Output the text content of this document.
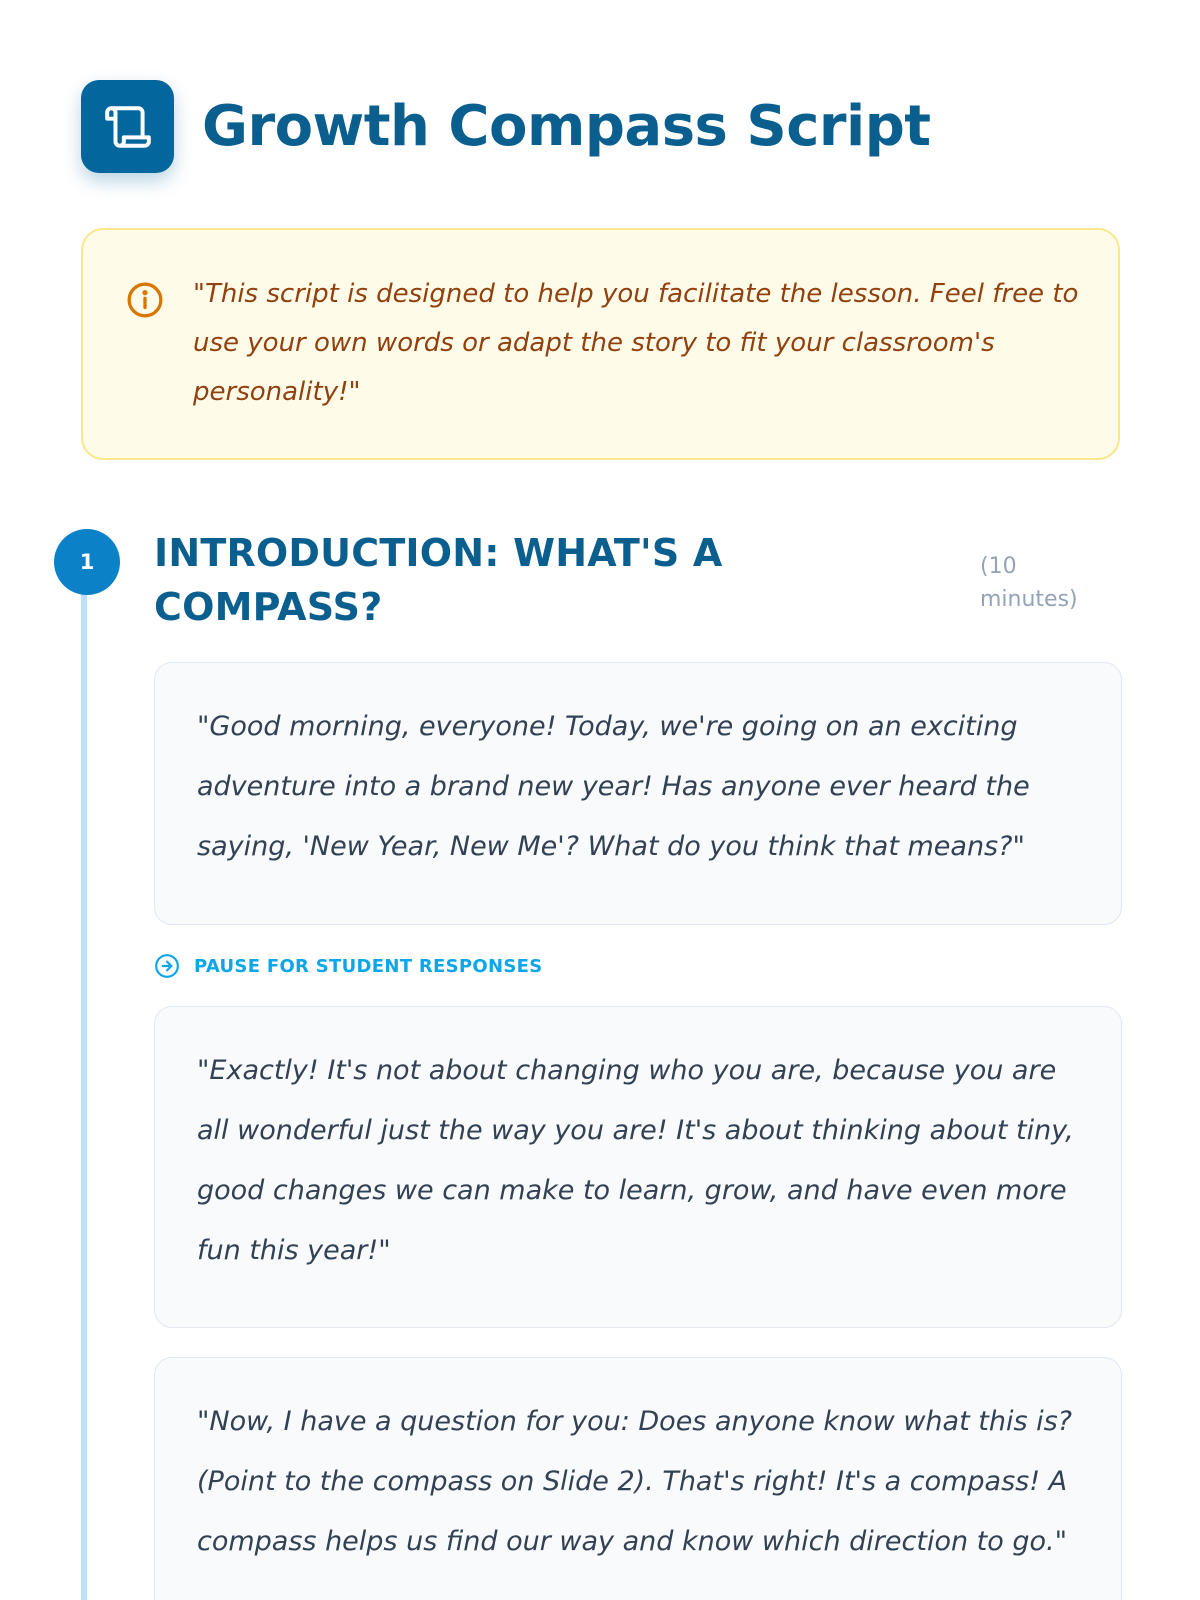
Growth Compass Script

"This script is designed to help you facilitate the lesson. Feel free to use your own words or adapt the story to fit your classroom's personality!"

1	INTRODUCTION: WHAT'S A COMPASS?
(10 minutes)

"Good morning, everyone! Today, we're going on an exciting adventure into a brand new year! Has anyone ever heard the saying, 'New Year, New Me'? What do you think that means?"

PAUSE FOR STUDENT RESPONSES

"Exactly! It's not about changing who you are, because you are all wonderful just the way you are! It's about thinking about tiny, good changes we can make to learn, grow, and have even more fun this year!"

"Now, I have a question for you: Does anyone know what this is? (Point to the compass on Slide 2). That's right! It's a compass! A compass helps us find our way and know which direction to go."
